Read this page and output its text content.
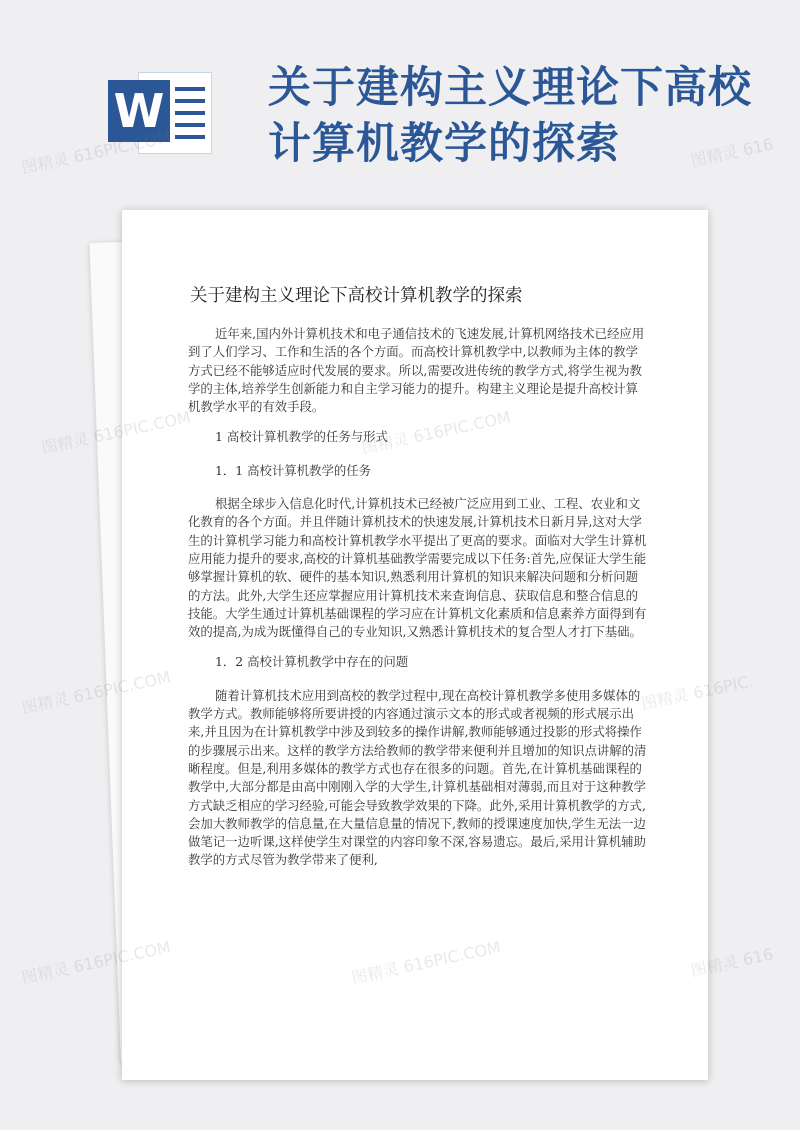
W 关于建构主义理论下高校计算机教学的探索
关于建构主义理论下高校计算机教学的探索

近年来,国内外计算机技术和电子通信技术的飞速发展,计算机网络技术已经应用到了人们学习、工作和生活的各个方面。而高校计算机教学中,以教师为主体的教学方式已经不能够适应时代发展的要求。所以,需要改进传统的教学方式,将学生视为教学的主体,培养学生创新能力和自主学习能力的提升。构建主义理论是提升高校计算机教学水平的有效手段。

1 高校计算机教学的任务与形式

1．1 高校计算机教学的任务

根据全球步入信息化时代,计算机技术已经被广泛应用到工业、工程、农业和文化教育的各个方面。并且伴随计算机技术的快速发展,计算机技术日新月异,这对大学生的计算机学习能力和高校计算机教学水平提出了更高的要求。面临对大学生计算机应用能力提升的要求,高校的计算机基础教学需要完成以下任务:首先,应保证大学生能够掌握计算机的软、硬件的基本知识,熟悉利用计算机的知识来解决问题和分析问题的方法。此外,大学生还应掌握应用计算机技术来查询信息、获取信息和整合信息的技能。大学生通过计算机基础课程的学习应在计算机文化素质和信息素养方面得到有效的提高,为成为既懂得自己的专业知识,又熟悉计算机技术的复合型人才打下基础。

1．2 高校计算机教学中存在的问题

随着计算机技术应用到高校的教学过程中,现在高校计算机教学多使用多媒体的教学方式。教师能够将所要讲授的内容通过演示文本的形式或者视频的形式展示出来,并且因为在计算机教学中涉及到较多的操作讲解,教师能够通过投影的形式将操作的步骤展示出来。这样的教学方法给教师的教学带来便利并且增加的知识点讲解的清晰程度。但是,利用多媒体的教学方式也存在很多的问题。首先,在计算机基础课程的教学中,大部分都是由高中刚刚入学的大学生,计算机基础相对薄弱,而且对于这种教学方式缺乏相应的学习经验,可能会导致教学效果的下降。此外,采用计算机教学的方式,会加大教师教学的信息量,在大量信息量的情况下,教师的授课速度加快,学生无法一边做笔记一边听课,这样使学生对课堂的内容印象不深,容易遗忘。最后,采用计算机辅助教学的方式尽管为教学带来了便利,

图精灵 616PIC.COM	图精灵 616
图精灵
图精灵 616PIC.COM	616PIC.
图精灵 616PIC.COM	图精灵 616
